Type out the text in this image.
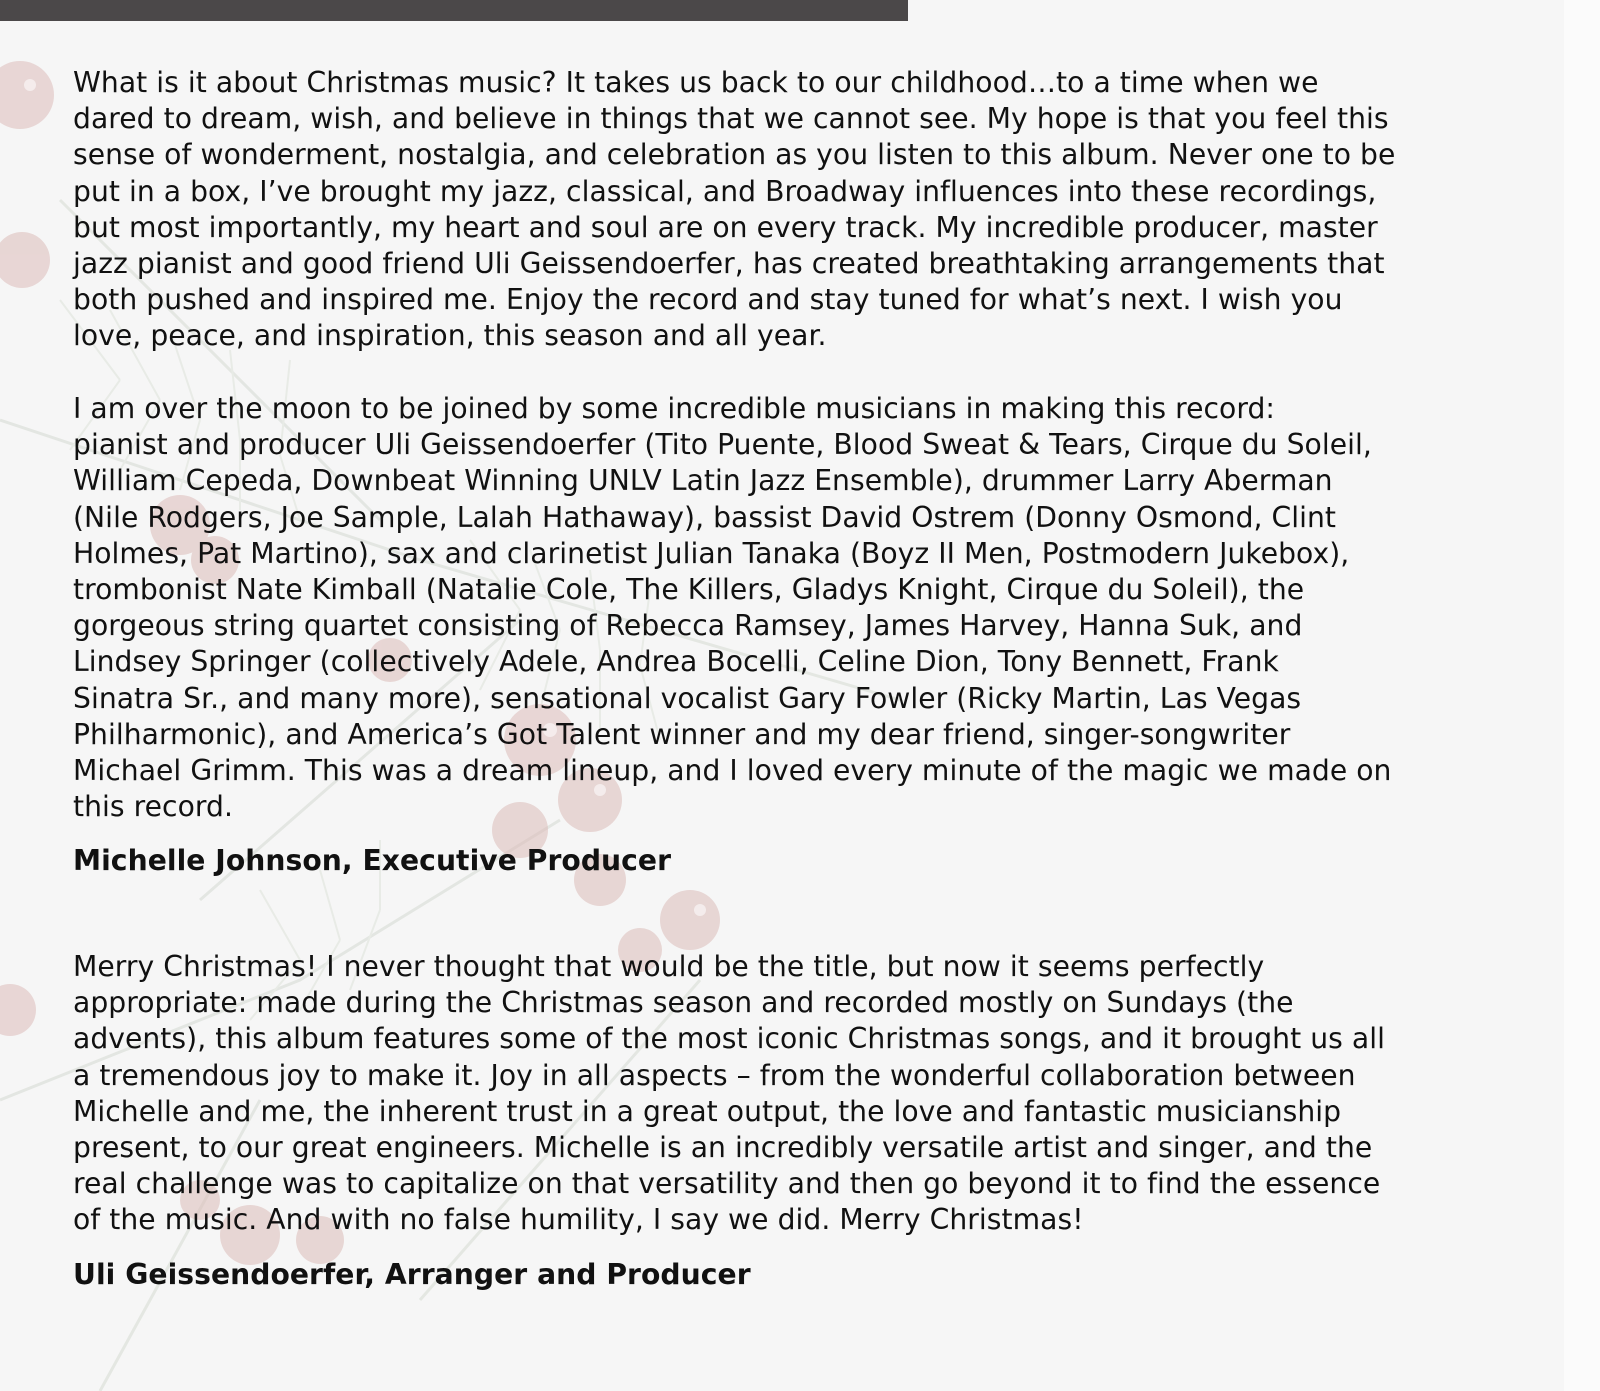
What is it about Christmas music? It takes us back to our childhood…to a time when we
dared to dream, wish, and believe in things that we cannot see. My hope is that you feel this
sense of wonderment, nostalgia, and celebration as you listen to this album. Never one to be
put in a box, I’ve brought my jazz, classical, and Broadway influences into these recordings,
but most importantly, my heart and soul are on every track. My incredible producer, master
jazz pianist and good friend Uli Geissendoerfer, has created breathtaking arrangements that
both pushed and inspired me. Enjoy the record and stay tuned for what’s next. I wish you
love, peace, and inspiration, this season and all year.

I am over the moon to be joined by some incredible musicians in making this record:
pianist and producer Uli Geissendoerfer (Tito Puente, Blood Sweat & Tears, Cirque du Soleil,
William Cepeda, Downbeat Winning UNLV Latin Jazz Ensemble), drummer Larry Aberman
(Nile Rodgers, Joe Sample, Lalah Hathaway), bassist David Ostrem (Donny Osmond, Clint
Holmes, Pat Martino), sax and clarinetist Julian Tanaka (Boyz II Men, Postmodern Jukebox),
trombonist Nate Kimball (Natalie Cole, The Killers, Gladys Knight, Cirque du Soleil), the
gorgeous string quartet consisting of Rebecca Ramsey, James Harvey, Hanna Suk, and
Lindsey Springer (collectively Adele, Andrea Bocelli, Celine Dion, Tony Bennett, Frank
Sinatra Sr., and many more), sensational vocalist Gary Fowler (Ricky Martin, Las Vegas
Philharmonic), and America’s Got Talent winner and my dear friend, singer-songwriter
Michael Grimm. This was a dream lineup, and I loved every minute of the magic we made on
this record.

Michelle Johnson, Executive Producer

Merry Christmas! I never thought that would be the title, but now it seems perfectly
appropriate: made during the Christmas season and recorded mostly on Sundays (the
advents), this album features some of the most iconic Christmas songs, and it brought us all
a tremendous joy to make it. Joy in all aspects – from the wonderful collaboration between
Michelle and me, the inherent trust in a great output, the love and fantastic musicianship
present, to our great engineers. Michelle is an incredibly versatile artist and singer, and the
real challenge was to capitalize on that versatility and then go beyond it to find the essence
of the music. And with no false humility, I say we did. Merry Christmas!

Uli Geissendoerfer, Arranger and Producer
